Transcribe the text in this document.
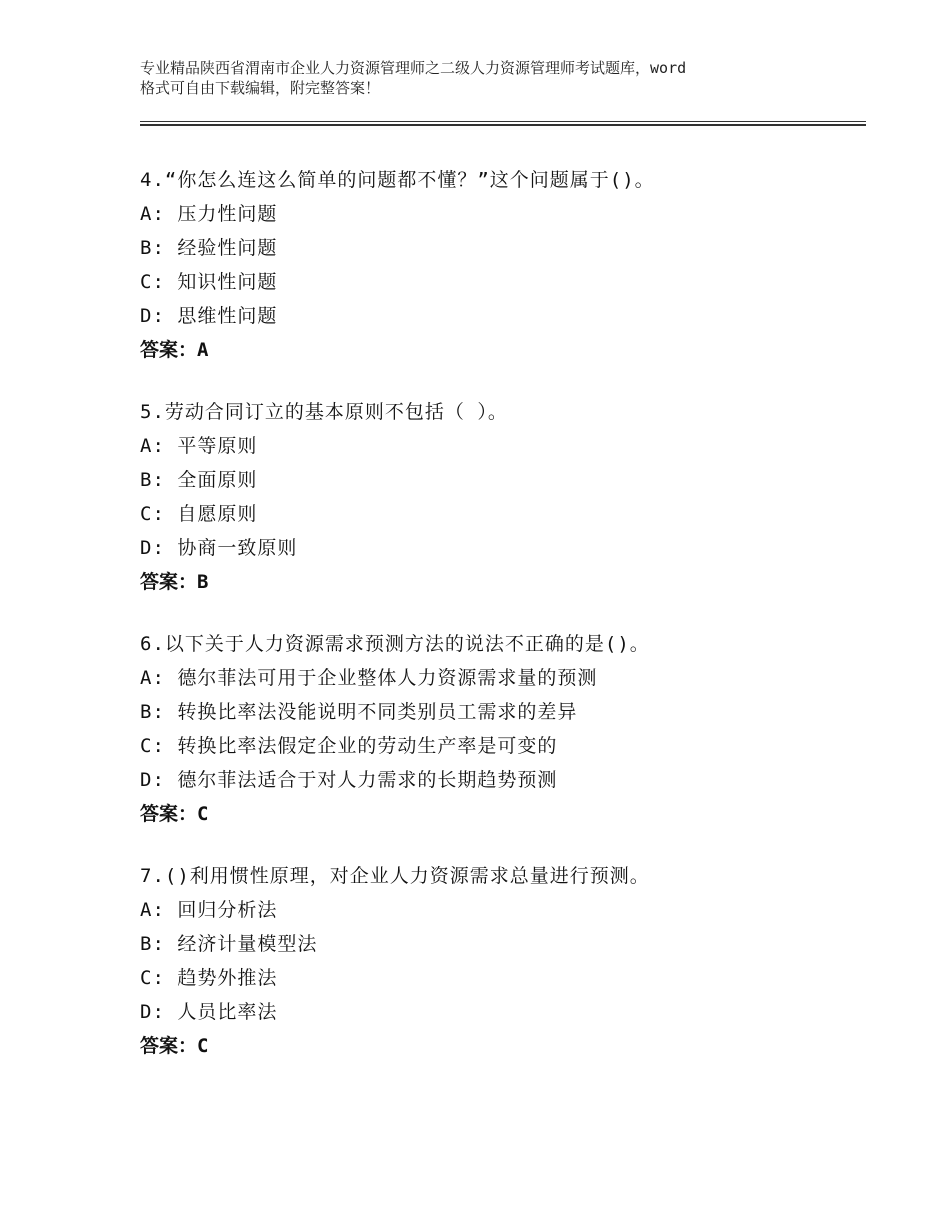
专业精品陕西省渭南市企业人力资源管理师之二级人力资源管理师考试题库，word
格式可自由下载编辑，附完整答案！
4.“你怎么连这么简单的问题都不懂？”这个问题属于()。
A: 压力性问题
B: 经验性问题
C: 知识性问题
D: 思维性问题
答案：A
5.劳动合同订立的基本原则不包括（ ）。
A: 平等原则
B: 全面原则
C: 自愿原则
D: 协商一致原则
答案：B
6.以下关于人力资源需求预测方法的说法不正确的是()。
A: 德尔菲法可用于企业整体人力资源需求量的预测
B: 转换比率法没能说明不同类别员工需求的差异
C: 转换比率法假定企业的劳动生产率是可变的
D: 德尔菲法适合于对人力需求的长期趋势预测
答案：C
7.()利用惯性原理，对企业人力资源需求总量进行预测。
A: 回归分析法
B: 经济计量模型法
C: 趋势外推法
D: 人员比率法
答案：C
